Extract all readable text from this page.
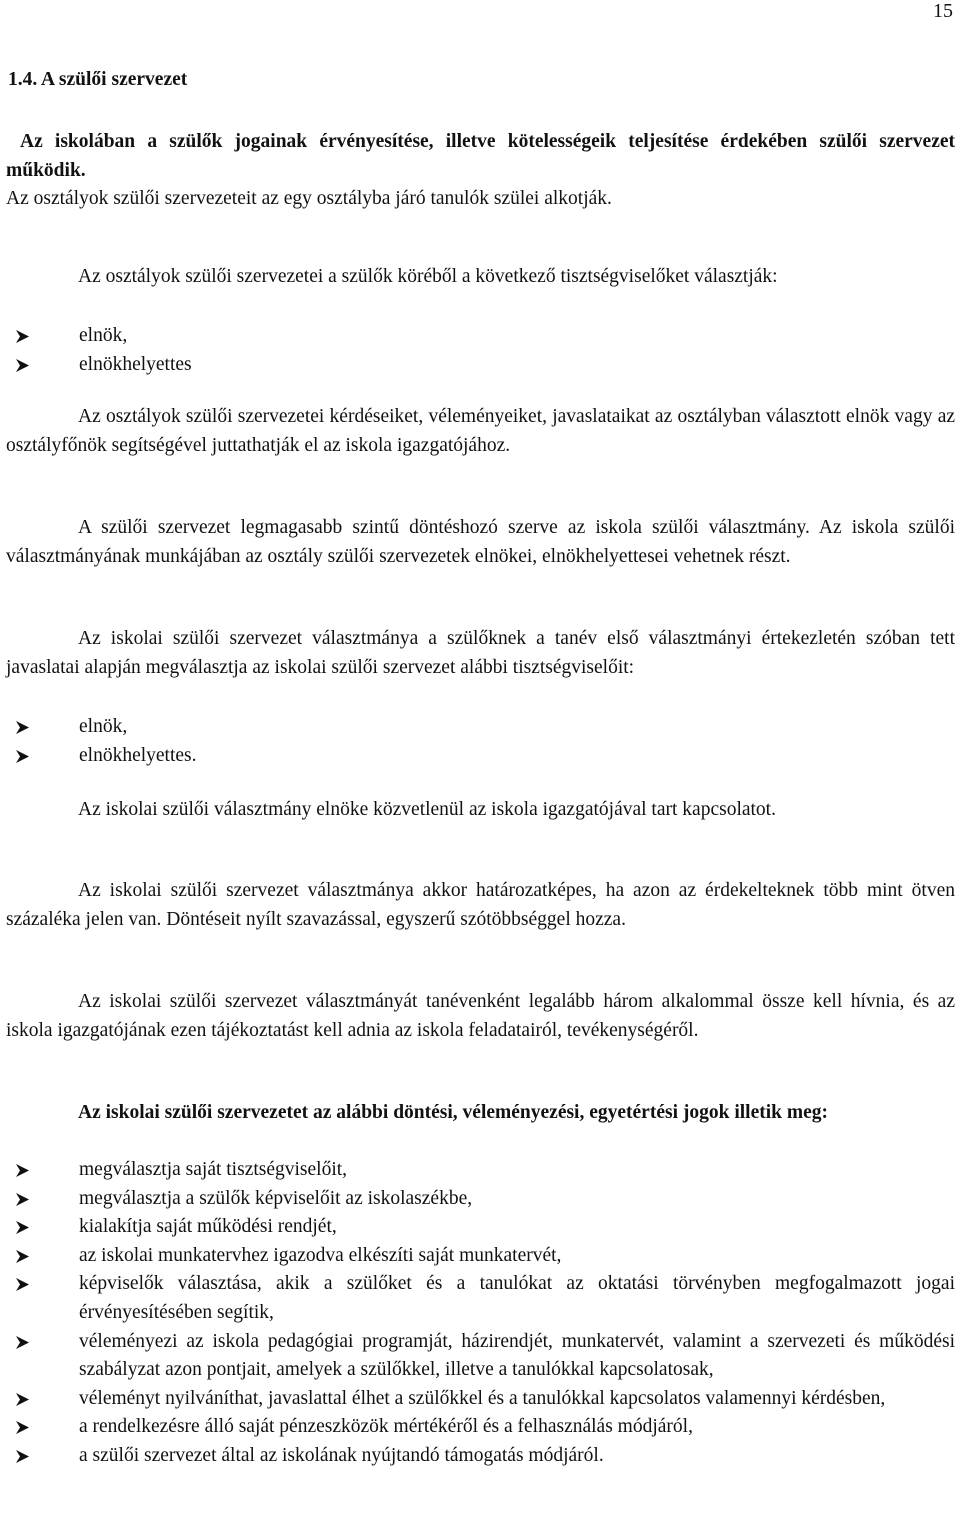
15
1.4. A szülői szervezet

Az iskolában a szülők jogainak érvényesítése, illetve kötelességeik teljesítése érdekében szülői szervezet működik.

Az osztályok szülői szervezeteit az egy osztályba járó tanulók szülei alkotják.

Az osztályok szülői szervezetei a szülők köréből a következő tisztségviselőket választják:

elnök,
elnökhelyettes

Az osztályok szülői szervezetei kérdéseiket, véleményeiket, javaslataikat az osztályban választott elnök vagy az osztályfőnök segítségével juttathatják el az iskola igazgatójához.

A szülői szervezet legmagasabb szintű döntéshozó szerve az iskola szülői választmány. Az iskola szülői választmányának munkájában az osztály szülői szervezetek elnökei, elnökhelyettesei vehetnek részt.

Az iskolai szülői szervezet választmánya a szülőknek a tanév első választmányi értekezletén szóban tett javaslatai alapján megválasztja az iskolai szülői szervezet alábbi tisztségviselőit:

elnök,
elnökhelyettes.

Az iskolai szülői választmány elnöke közvetlenül az iskola igazgatójával tart kapcsolatot.

Az iskolai szülői szervezet választmánya akkor határozatképes, ha azon az érdekelteknek több mint ötven százaléka jelen van. Döntéseit nyílt szavazással, egyszerű szótöbbséggel hozza.

Az iskolai szülői szervezet választmányát tanévenként legalább három alkalommal össze kell hívnia, és az iskola igazgatójának ezen tájékoztatást kell adnia az iskola feladatairól, tevékenységéről.

Az iskolai szülői szervezetet az alábbi döntési, véleményezési, egyetértési jogok illetik meg:

megválasztja saját tisztségviselőit,
megválasztja a szülők képviselőit az iskolaszékbe,
kialakítja saját működési rendjét,
az iskolai munkatervhez igazodva elkészíti saját munkatervét,
képviselők választása, akik a szülőket és a tanulókat az oktatási törvényben megfogalmazott jogai érvényesítésében segítik,
véleményezi az iskola pedagógiai programját, házirendjét, munkatervét, valamint a szervezeti és működési szabályzat azon pontjait, amelyek a szülőkkel, illetve a tanulókkal kapcsolatosak,
véleményt nyilváníthat, javaslattal élhet a szülőkkel és a tanulókkal kapcsolatos valamennyi kérdésben,
a rendelkezésre álló saját pénzeszközök mértékéről és a felhasználás módjáról,
a szülői szervezet által az iskolának nyújtandó támogatás módjáról.
